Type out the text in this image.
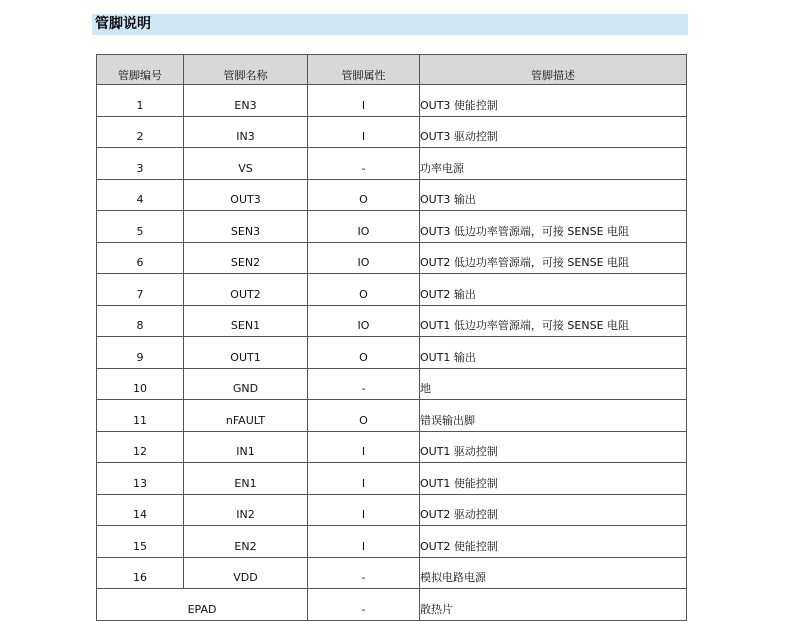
管脚说明
管脚编号	管脚名称	管脚属性	管脚描述
1	EN3	I	OUT3 使能控制
2	IN3	I	OUT3 驱动控制
3	VS	-	功率电源
4	OUT3	O	OUT3 输出
5	SEN3	IO	OUT3 低边功率管源端，可接 SENSE 电阻
6	SEN2	IO	OUT2 低边功率管源端，可接 SENSE 电阻
7	OUT2	O	OUT2 输出
8	SEN1	IO	OUT1 低边功率管源端，可接 SENSE 电阻
9	OUT1	O	OUT1 输出
10	GND	-	地
11	nFAULT	O	错误输出脚
12	IN1	I	OUT1 驱动控制
13	EN1	I	OUT1 使能控制
14	IN2	I	OUT2 驱动控制
15	EN2	I	OUT2 使能控制
16	VDD	-	模拟电路电源
EPAD		-	散热片
